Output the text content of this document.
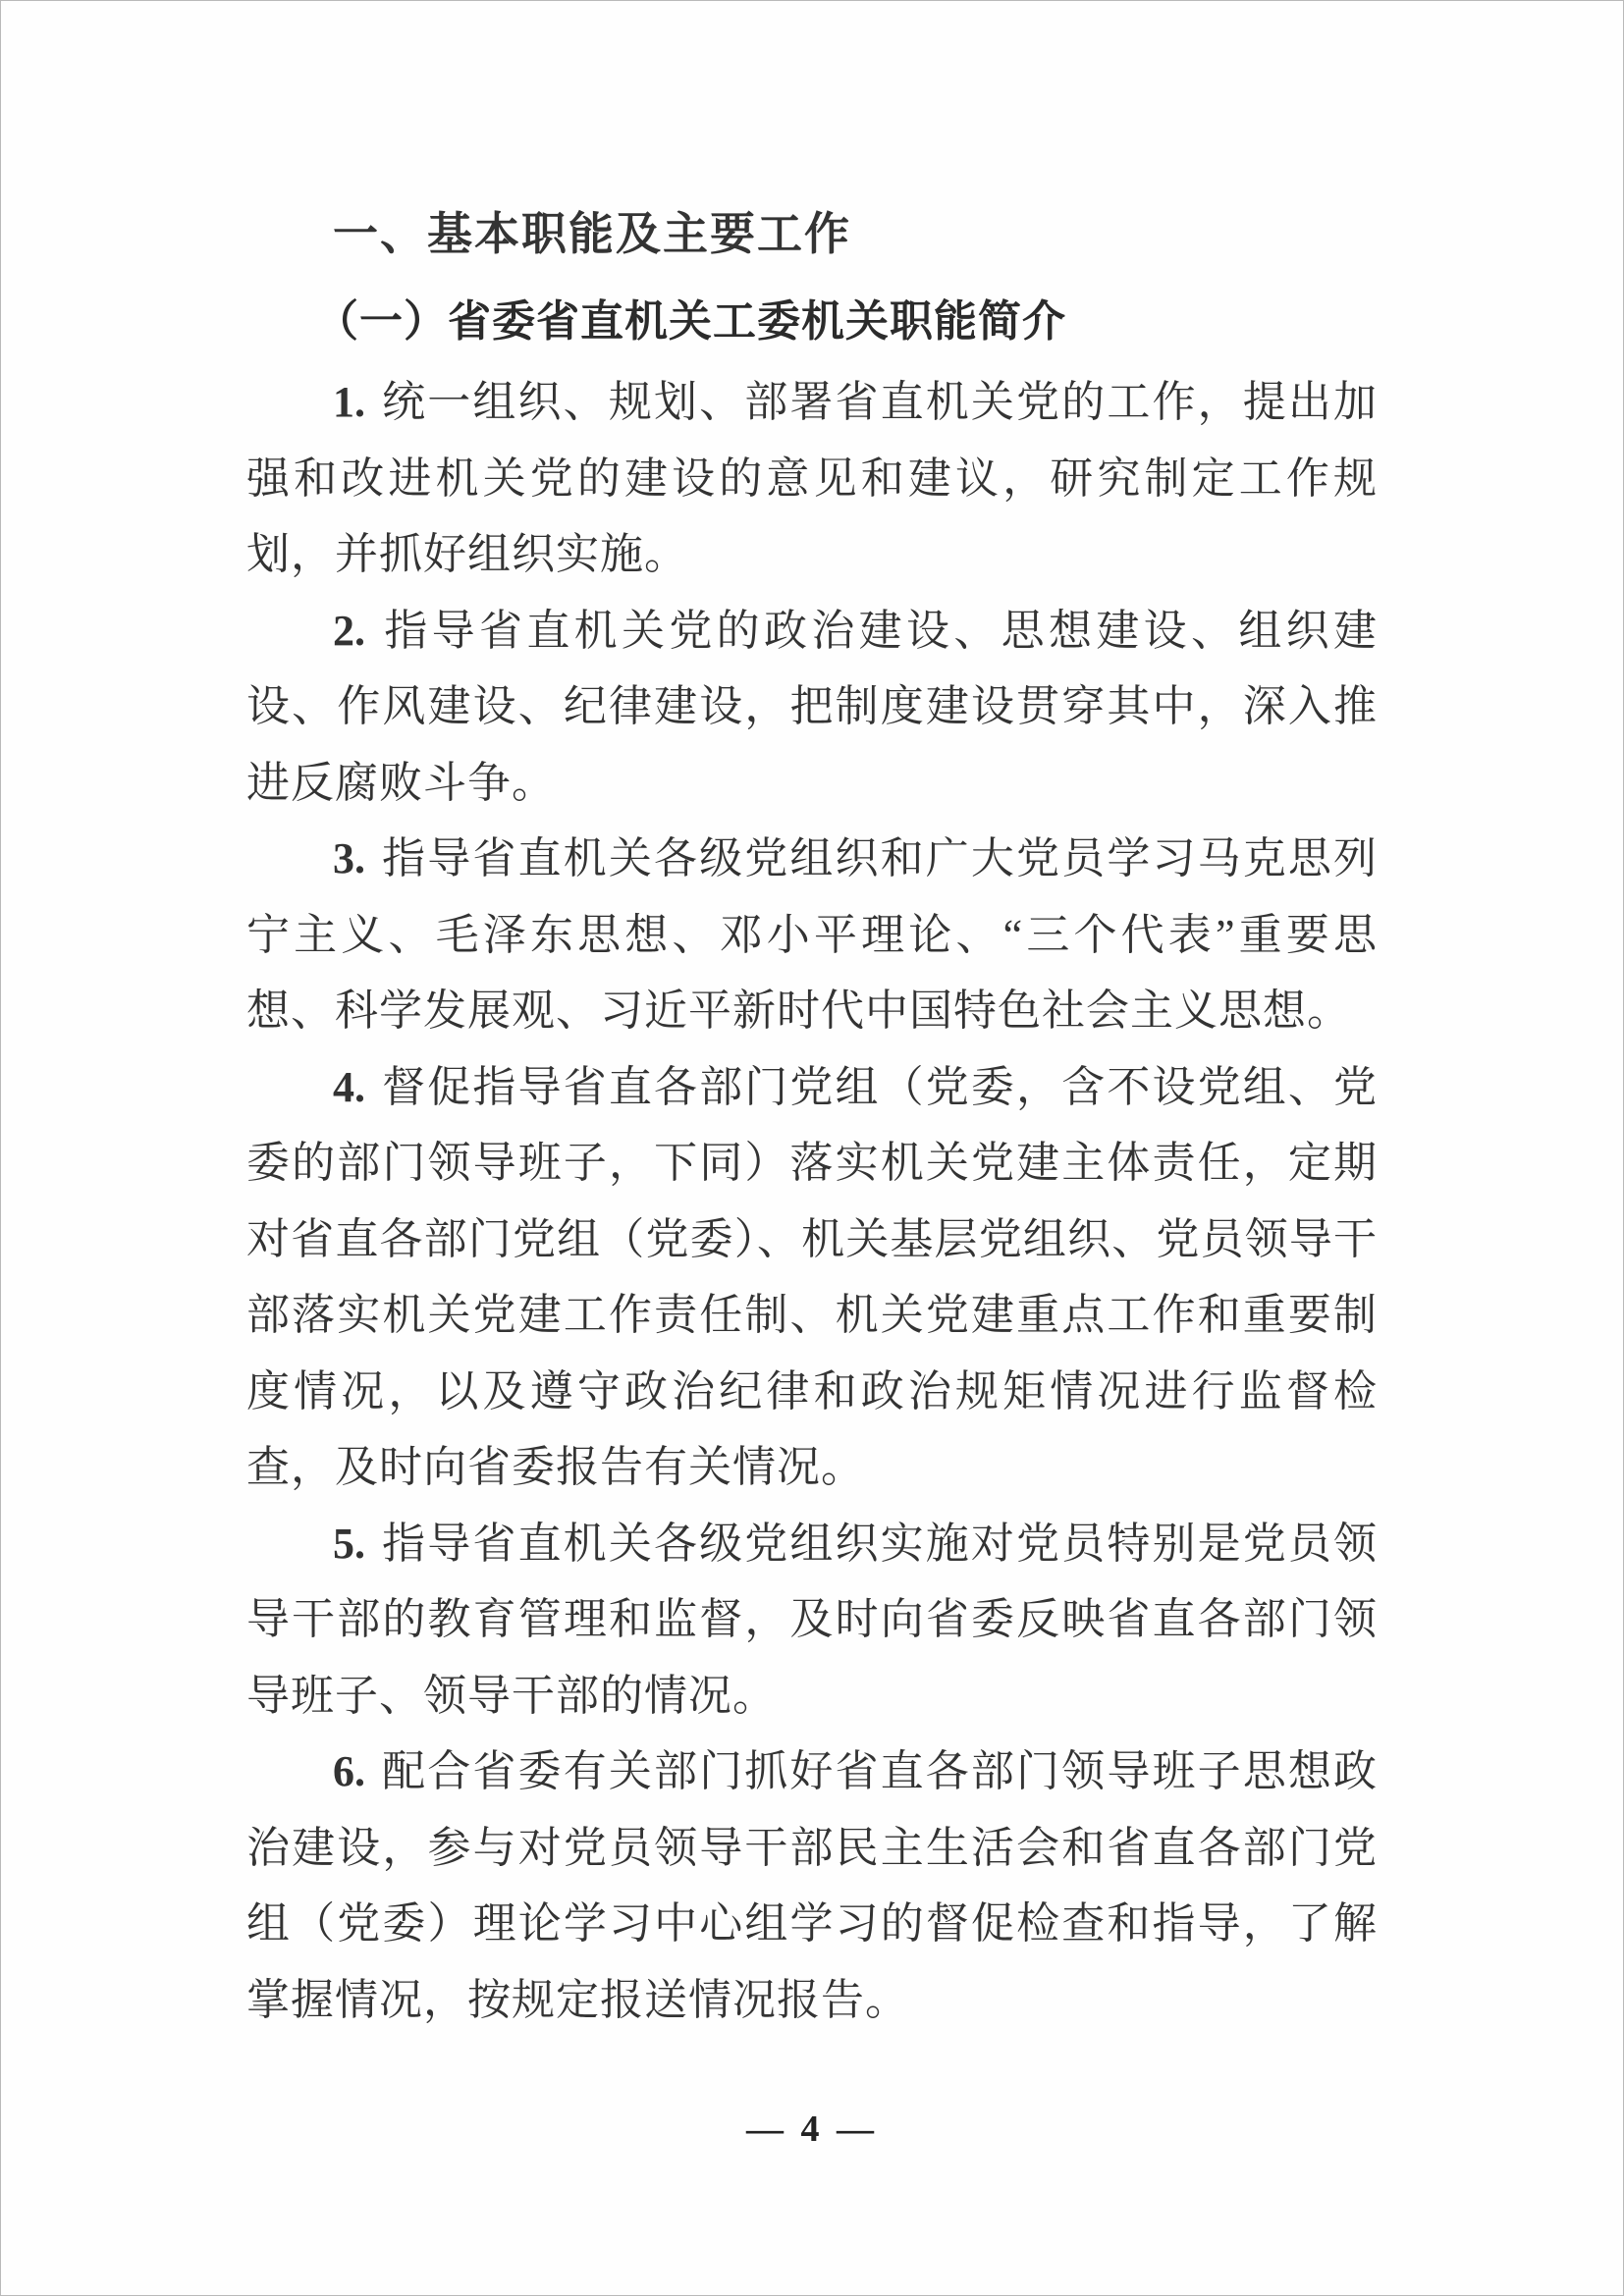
一、基本职能及主要工作
（一）省委省直机关工委机关职能简介

1. 统一组织、规划、部署省直机关党的工作，提出加强和改进机关党的建设的意见和建议，研究制定工作规划，并抓好组织实施。

2. 指导省直机关党的政治建设、思想建设、组织建设、作风建设、纪律建设，把制度建设贯穿其中，深入推进反腐败斗争。

3. 指导省直机关各级党组织和广大党员学习马克思列宁主义、毛泽东思想、邓小平理论、“三个代表”重要思想、科学发展观、习近平新时代中国特色社会主义思想。

4. 督促指导省直各部门党组（党委，含不设党组、党委的部门领导班子，下同）落实机关党建主体责任，定期对省直各部门党组（党委）、机关基层党组织、党员领导干部落实机关党建工作责任制、机关党建重点工作和重要制度情况，以及遵守政治纪律和政治规矩情况进行监督检查，及时向省委报告有关情况。

5. 指导省直机关各级党组织实施对党员特别是党员领导干部的教育管理和监督，及时向省委反映省直各部门领导班子、领导干部的情况。

6. 配合省委有关部门抓好省直各部门领导班子思想政治建设，参与对党员领导干部民主生活会和省直各部门党组（党委）理论学习中心组学习的督促检查和指导，了解掌握情况，按规定报送情况报告。

— 4 —
